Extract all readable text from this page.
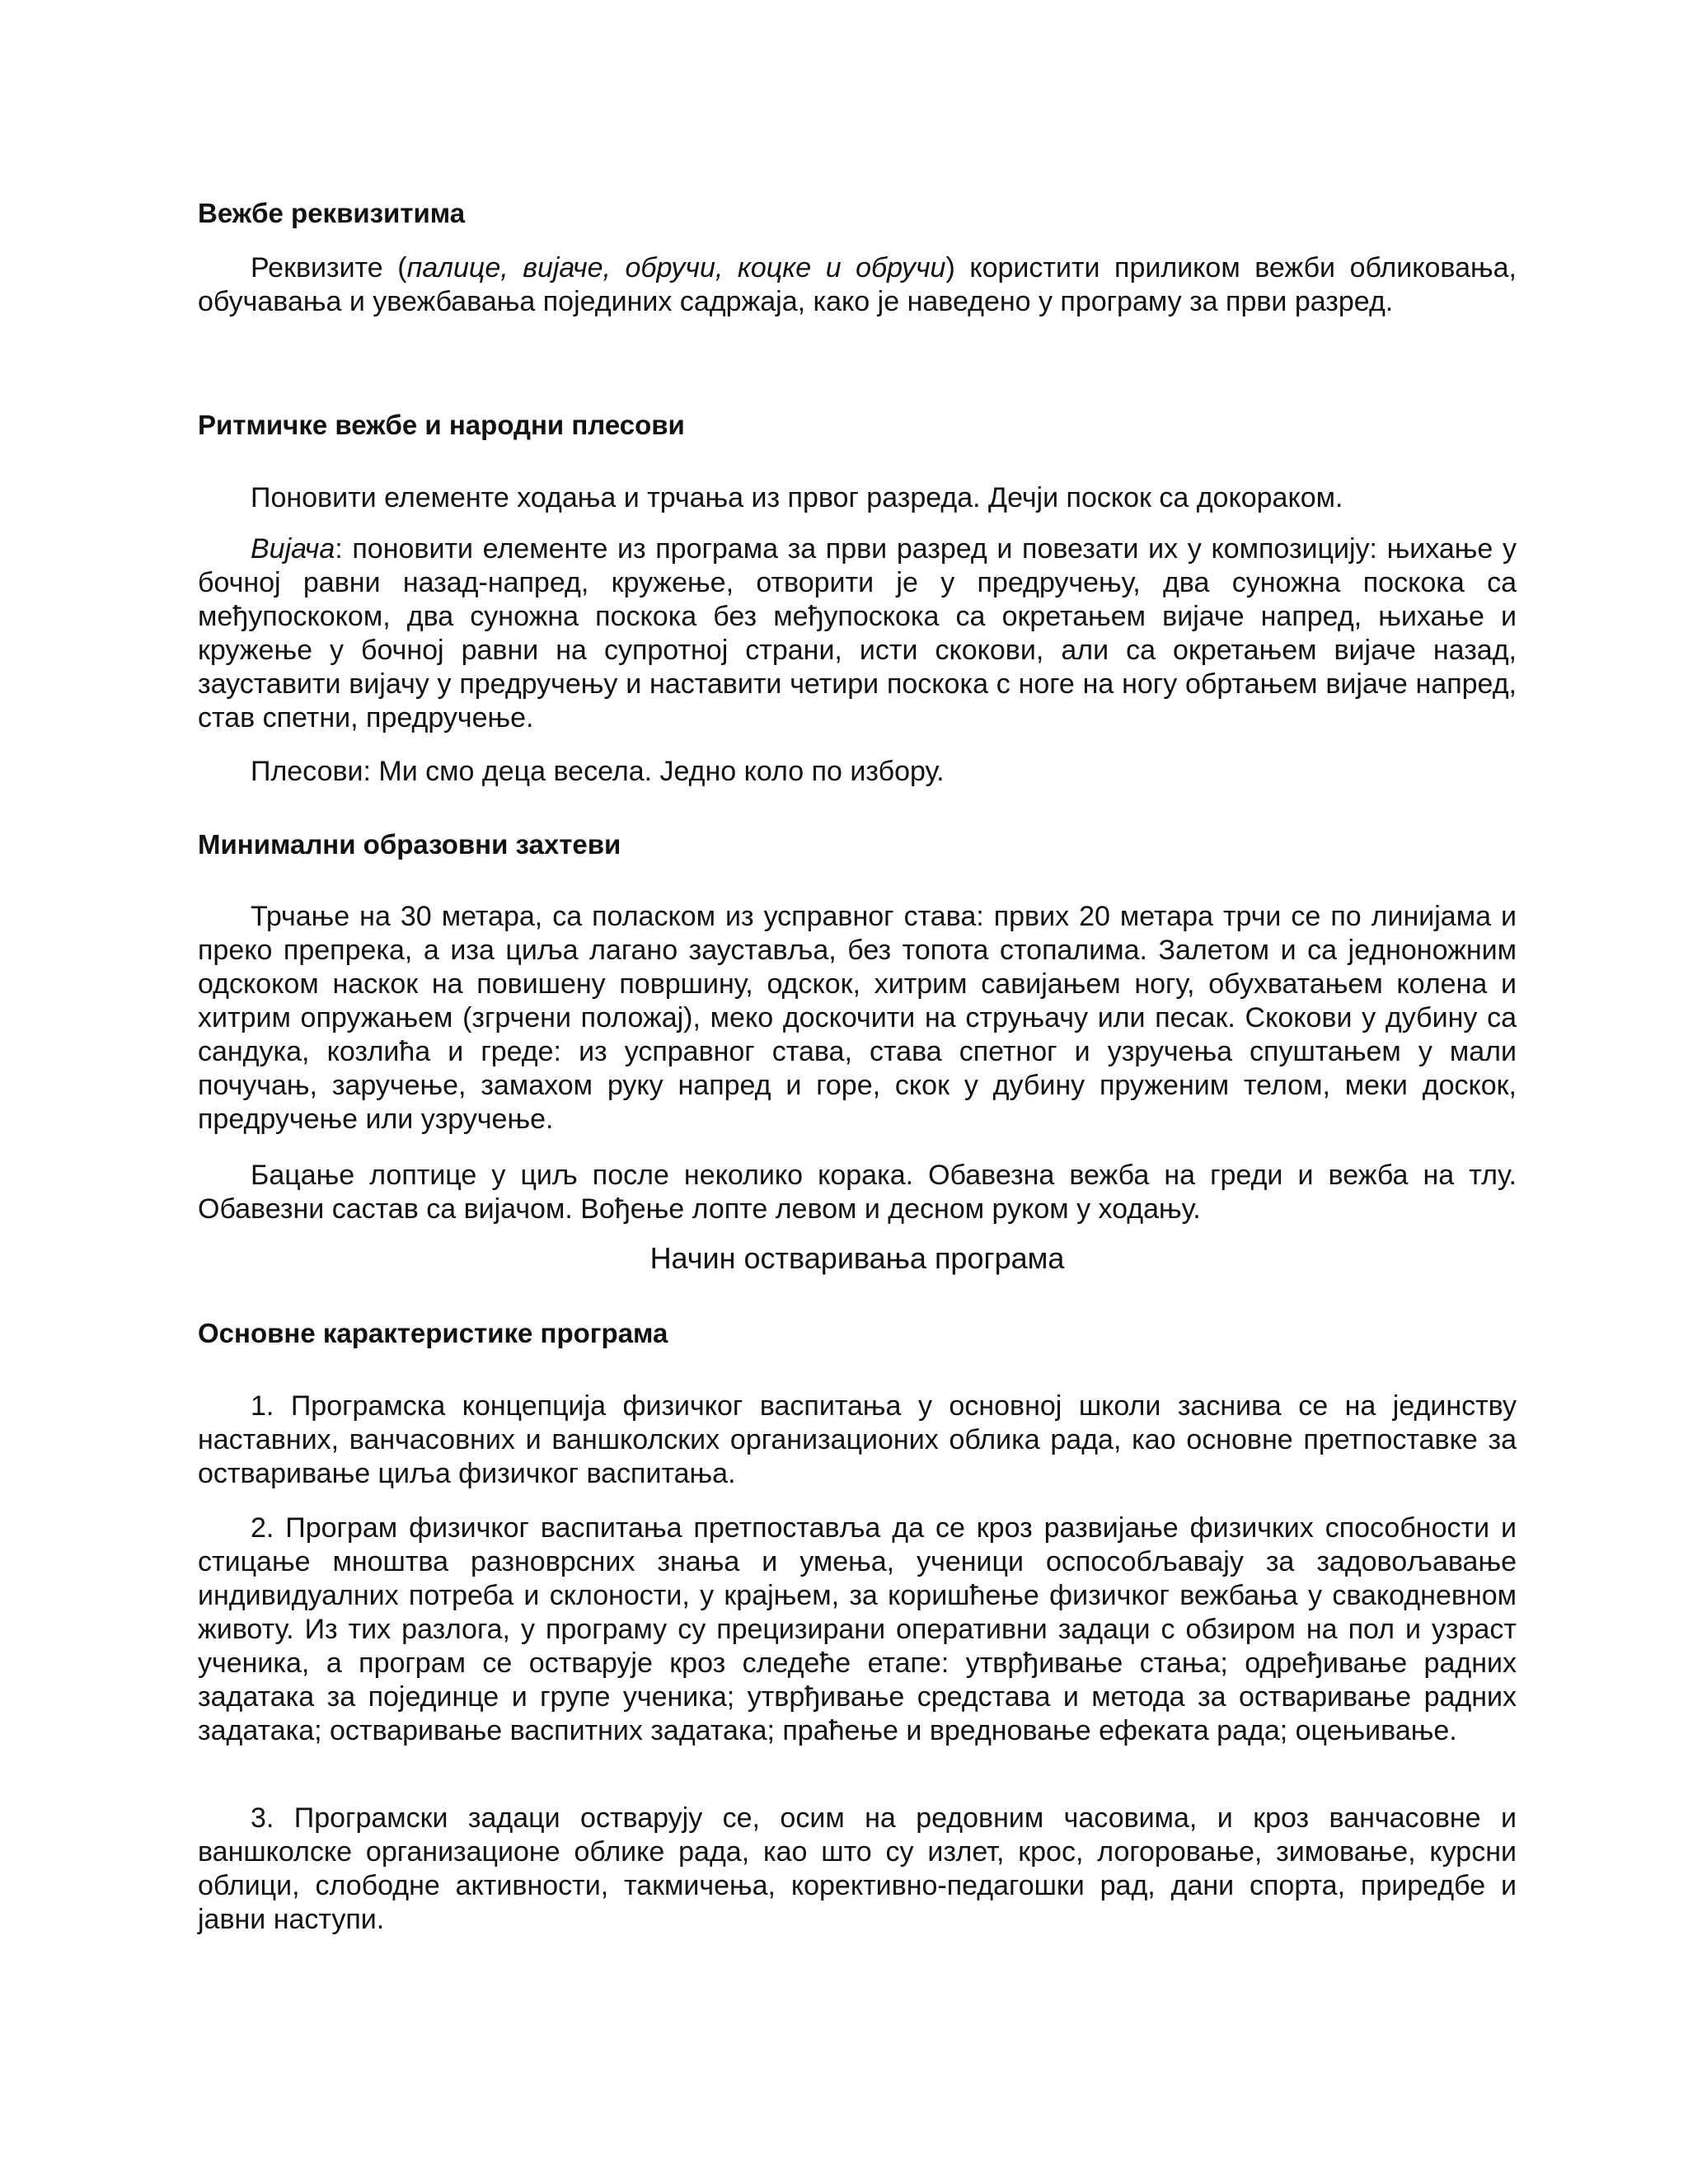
Вежбе реквизитима

Реквизите (палице, вијаче, обручи, коцке и обручи) користити приликом вежби обликовања, обучавања и увежбавања појединих садржаја, како је наведено у програму за први разред.

Ритмичке вежбе и народни плесови

Поновити елементе ходања и трчања из првог разреда. Дечји поскок са докораком.

Вијача: поновити елементе из програма за први разред и повезати их у композицију: њихање у бочној равни назад-напред, кружење, отворити је у предручењу, два суножна поскока са међупоскоком, два суножна поскока без међупоскока са окретањем вијаче напред, њихање и кружење у бочној равни на супротној страни, исти скокови, али са окретањем вијаче назад, зауставити вијачу у предручењу и наставити четири поскока с ноге на ногу обртањем вијаче напред, став спетни, предручење.

Плесови: Ми смо деца весела. Једно коло по избору.

Минимални образовни захтеви

Трчање на 30 метара, са поласком из усправног става: првих 20 метара трчи се по линијама и преко препрека, а иза циља лагано зауставља, без топота стопалима. Залетом и са једноножним одскоком наскок на повишену површину, одскок, хитрим савијањем ногу, обухватањем колена и хитрим опружањем (згрчени положај), меко доскочити на струњачу или песак. Скокови у дубину са сандука, козлића и греде: из усправног става, става спетног и узручења спуштањем у мали почучањ, заручење, замахом руку напред и горе, скок у дубину пруженим телом, меки доскок, предручење или узручење.

Бацање лоптице у циљ после неколико корака. Обавезна вежба на греди и вежба на тлу. Обавезни састав са вијачом. Вођење лопте левом и десном руком у ходању.

Начин остваривања програма
Основне карактеристике програма

1. Програмска концепција физичког васпитања у основној школи заснива се на јединству наставних, ванчасовних и ваншколских организационих облика рада, као основне претпоставке за остваривање циља физичког васпитања.

2. Програм физичког васпитања претпоставља да се кроз развијање физичких способности и стицање мноштва разноврсних знања и умења, ученици оспособљавају за задовољавање индивидуалних потреба и склоности, у крајњем, за коришћење физичког вежбања у свакодневном животу. Из тих разлога, у програму су прецизирани оперативни задаци с обзиром на пол и узраст ученика, а програм се остварује кроз следеће етапе: утврђивање стања; одређивање радних задатака за појединце и групе ученика; утврђивање средстава и метода за остваривање радних задатака; остваривање васпитних задатака; праћење и вредновање ефеката рада; оцењивање.

3. Програмски задаци остварују се, осим на редовним часовима, и кроз ванчасовне и ваншколске организационе облике рада, као што су излет, крос, логоровање, зимовање, курсни облици, слободне активности, такмичења, корективно-педагошки рад, дани спорта, приредбе и јавни наступи.
